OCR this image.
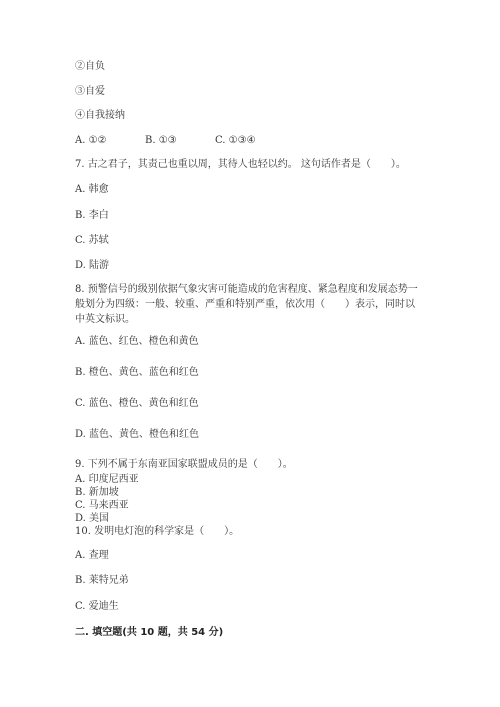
②自负
③自爱
④自我接纳
A. ①②	B. ①③	C. ①③④
7. 古之君子，其责己也重以周，其待人也轻以约。 这句话作者是（　　）。
A. 韩愈
B. 李白
C. 苏轼
D. 陆游
8. 预警信号的级别依据气象灾害可能造成的危害程度、紧急程度和发展态势一
般划分为四级：一般、较重、严重和特别严重，依次用（　　）表示，同时以
中英文标识。
A. 蓝色、红色、橙色和黄色
B. 橙色、黄色、蓝色和红色
C. 蓝色、橙色、黄色和红色
D. 蓝色、黄色、橙色和红色
9. 下列不属于东南亚国家联盟成员的是（　　）。
A. 印度尼西亚
B. 新加坡
C. 马来西亚
D. 美国
10. 发明电灯泡的科学家是（　　）。
A. 查理
B. 莱特兄弟
C. 爱迪生
二. 填空题(共 10 题，共 54 分)
